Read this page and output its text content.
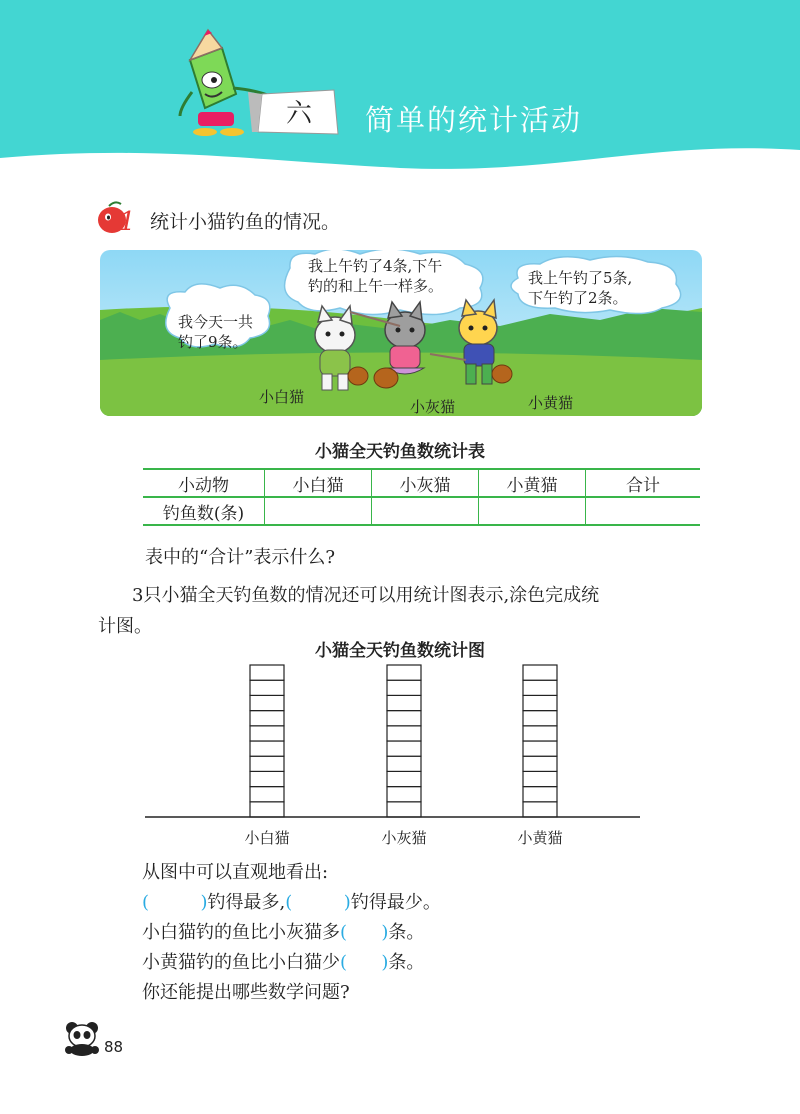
六	简单的统计活动
1 统计小猫钓鱼的情况。
我今天一共
钓了9条。
我上午钓了4条,下午
钓的和上午一样多。	我上午钓了5条,
下午钓了2条。
小白猫
小灰猫	小黄猫
小猫全天钓鱼数统计表
小动物	小白猫	小灰猫	小黄猫	合计
钓鱼数(条)				
表中的“合计”表示什么?
3只小猫全天钓鱼数的情况还可以用统计图表示,涂色完成统
计图。
小猫全天钓鱼数统计图
小白猫	小灰猫	小黄猫
从图中可以直观地看出:
(         )钓得最多,(         )钓得最少。
小白猫钓的鱼比小灰猫多(      )条。
小黄猫钓的鱼比小白猫少(      )条。
你还能提出哪些数学问题?
88
